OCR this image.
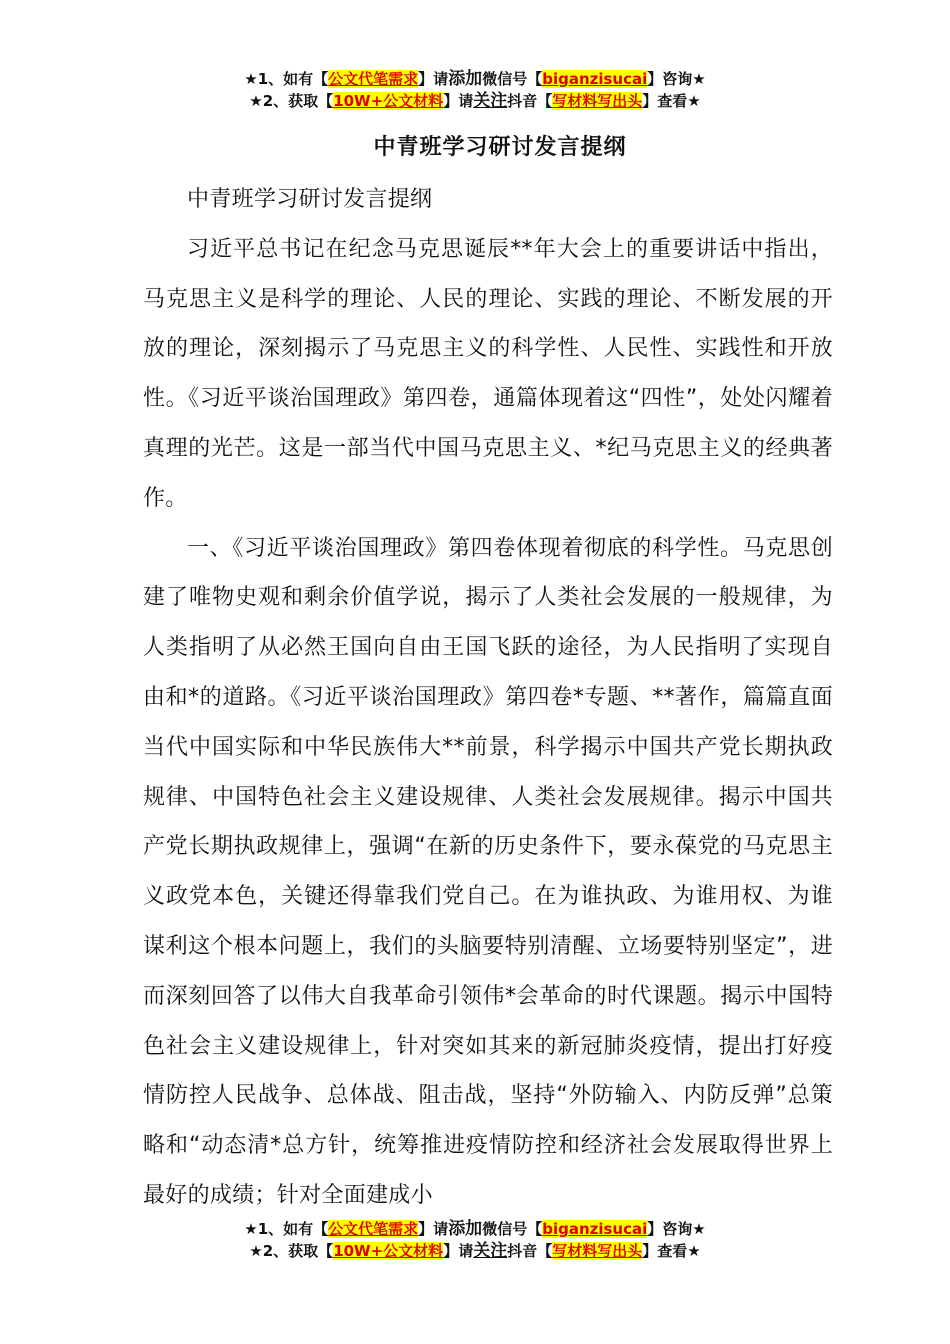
★1、如有【公文代笔需求】请添加微信号【biganzisucai】咨询★
★2、获取【10W+公文材料】请关注抖音【写材料写出头】查看★
中青班学习研讨发言提纲

中青班学习研讨发言提纲

习近平总书记在纪念马克思诞辰**年大会上的重要讲话中指出，马克思主义是科学的理论、人民的理论、实践的理论、不断发展的开放的理论，深刻揭示了马克思主义的科学性、人民性、实践性和开放性。《习近平谈治国理政》第四卷，通篇体现着这“四性”，处处闪耀着真理的光芒。这是一部当代中国马克思主义、*纪马克思主义的经典著作。

一、《习近平谈治国理政》第四卷体现着彻底的科学性。马克思创建了唯物史观和剩余价值学说，揭示了人类社会发展的一般规律，为人类指明了从必然王国向自由王国飞跃的途径，为人民指明了实现自由和*的道路。《习近平谈治国理政》第四卷*专题、**著作，篇篇直面当代中国实际和中华民族伟大**前景，科学揭示中国共产党长期执政规律、中国特色社会主义建设规律、人类社会发展规律。揭示中国共产党长期执政规律上，强调“在新的历史条件下，要永葆党的马克思主义政党本色，关键还得靠我们党自己。在为谁执政、为谁用权、为谁谋利这个根本问题上，我们的头脑要特别清醒、立场要特别坚定”，进而深刻回答了以伟大自我革命引领伟*会革命的时代课题。揭示中国特色社会主义建设规律上，针对突如其来的新冠肺炎疫情，提出打好疫情防控人民战争、总体战、阻击战，坚持“外防输入、内防反弹”总策略和“动态清*总方针，统筹推进疫情防控和经济社会发展取得世界上最好的成绩；针对全面建成小

★1、如有【公文代笔需求】请添加微信号【biganzisucai】咨询★
★2、获取【10W+公文材料】请关注抖音【写材料写出头】查看★
